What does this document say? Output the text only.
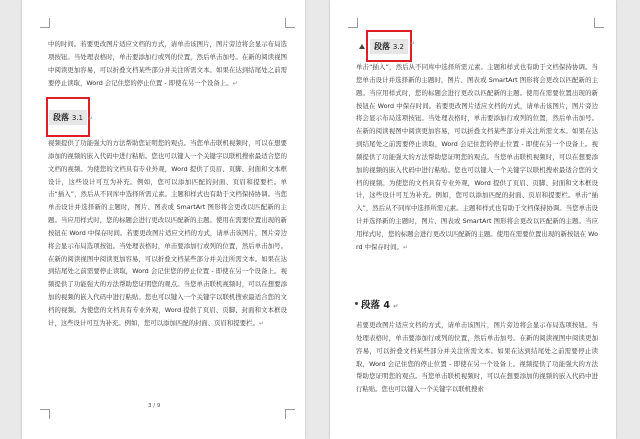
中的时间。若要更改图片适应文档的方式，请单击该图片，图片旁边将会显示布局选项按钮。当处理表格时，单击要添加行或列的位置，然后单击加号。在新的阅读视图中阅读更加容易，可以折叠文档某些部分并关注所需文本。如果在达到结尾处之前需要停止读取，Word 会记住您的停止位置 - 即使在另一个设备上。↵

段落 3.1 ↵

视频提供了功能强大的方法帮助您证明您的观点。当您单击联机视频时，可以在想要添加的视频的嵌入代码中进行粘贴。您也可以键入一个关键字以联机搜索最适合您的文档的视频。为使您的文档具有专业外观，Word 提供了页眉、页脚、封面和文本框设计，这些设计可互为补充。例如，您可以添加匹配的封面、页眉和提要栏。单击“插入”，然后从不同库中选择所需元素。主题和样式也有助于文档保持协调。当您单击设计并选择新的主题时，图片、图表或 SmartArt 图形将会更改以匹配新的主题。当应用样式时，您的标题会进行更改以匹配新的主题。使用在需要位置出现的新按钮在 Word 中保存时间。若要更改图片适应文档的方式，请单击该图片，图片旁边将会显示布局选项按钮。当处理表格时，单击要添加行或列的位置，然后单击加号。在新的阅读视图中阅读更加容易，可以折叠文档某些部分并关注所需文本。如果在达到结尾处之前需要停止读取，Word 会记住您的停止位置 - 即使在另一个设备上。视频提供了功能强大的方法帮助您证明您的观点。当您单击联机视频时，可以在想要添加的视频的嵌入代码中进行粘贴。您也可以键入一个关键字以联机搜索最适合您的文档的视频。为使您的文档具有专业外观，Word 提供了页眉、页脚、封面和文本框设计，这些设计可互为补充。例如，您可以添加匹配的封面、页眉和提要栏。↵

3 / 9
段落 3.2	↵

单击“插入”，然后从不同库中选择所需元素。主题和样式也有助于文档保持协调。当您单击设计并选择新的主题时，图片、图表或 SmartArt 图形将会更改以匹配新的主题。当应用样式时，您的标题会进行更改以匹配新的主题。使用在需要位置出现的新按钮在 Word 中保存时间。若要更改图片适应文档的方式，请单击该图片，图片旁边将会显示布局选项按钮。当处理表格时，单击要添加行或列的位置，然后单击加号。在新的阅读视图中阅读更加容易，可以折叠文档某些部分并关注所需文本。如果在达到结尾处之前需要停止读取，Word 会记住您的停止位置 - 即使在另一个设备上。视频提供了功能强大的方法帮助您证明您的观点。当您单击联机视频时，可以在想要添加的视频的嵌入代码中进行粘贴。您也可以键入一个关键字以联机搜索最适合您的文档的视频。为使您的文档具有专业外观，Word 提供了页眉、页脚、封面和文本框设计，这些设计可互为补充。例如，您可以添加匹配的封面、页眉和提要栏。单击“插入”，然后从不同库中选择所需元素。主题和样式也有助于文档保持协调。当您单击设计并选择新的主题时，图片、图表或 SmartArt 图形将会更改以匹配新的主题。当应用样式时，您的标题会进行更改以匹配新的主题。使用在需要位置出现的新按钮在 Word 中保存时间。↵

段落 4 ↵

若要更改图片适应文档的方式，请单击该图片，图片旁边将会显示布局选项按钮。当处理表格时，单击要添加行或列的位置，然后单击加号。在新的阅读视图中阅读更加容易，可以折叠文档某些部分并关注所需文本。如果在达到结尾处之前需要停止读取，Word 会记住您的停止位置 - 即使在另一个设备上。视频提供了功能强大的方法帮助您证明您的观点。当您单击联机视频时，可以在想要添加的视频的嵌入代码中进行粘贴。您也可以键入一个关键字以联机搜索
